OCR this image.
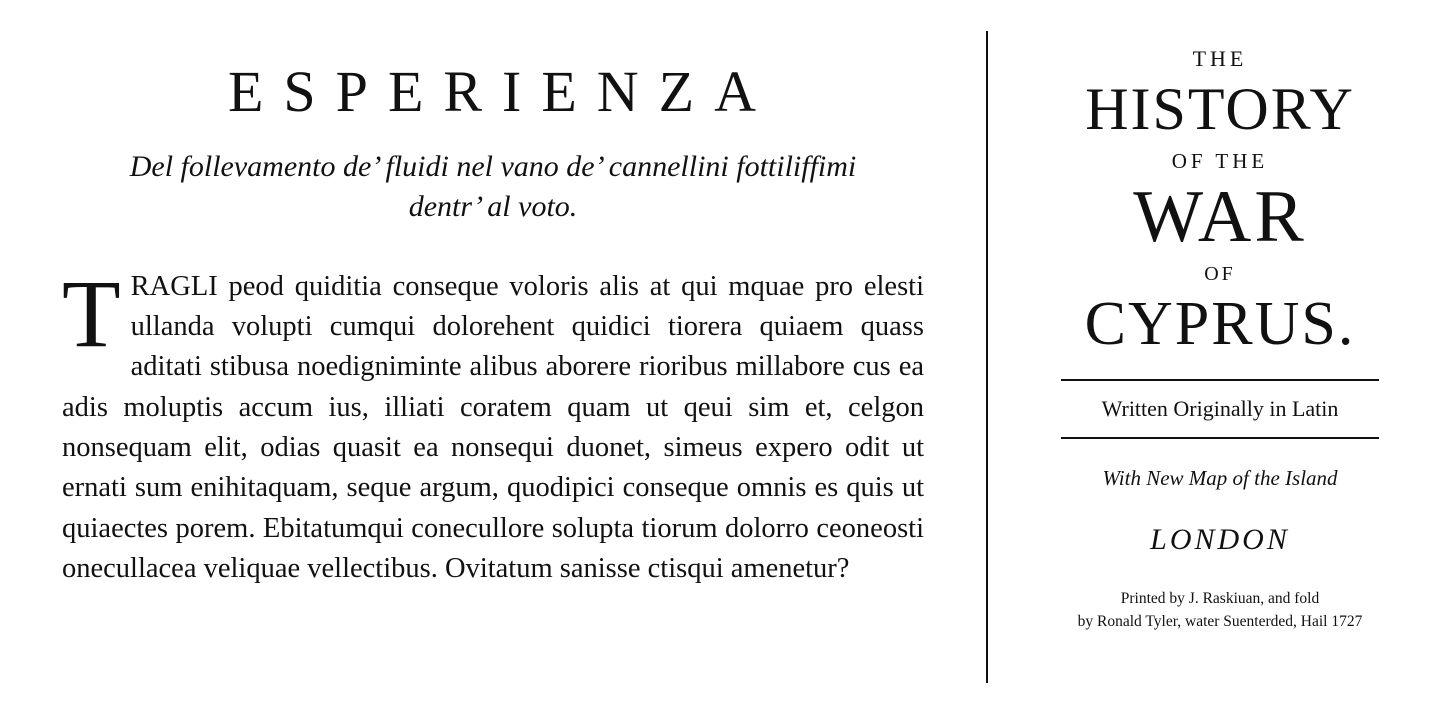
ESPERIENZA

Del follevamento de’ fluidi nel vano de’ cannellini fottiliffimi dentr’ al voto.

T RAGLI peod quiditia conseque voloris alis at qui mquae pro elesti ullanda volupti cumqui dolorehent quidici tiorera quiaem quass aditati stibusa noedigniminte alibus aborere rioribus millabore cus ea adis moluptis accum ius, illiati coratem quam ut qeui sim et, celgon nonsequam elit, odias quasit ea nonsequi duonet, simeus expero odit ut ernati sum enihitaquam, seque argum, quodipici conseque omnis es quis ut quiaectes porem. Ebitatumqui conecullore solupta tiorum dolorro ceoneosti onecullacea veliquae vellectibus. Ovitatum sanisse ctisqui amenetur?

THE

HISTORY

OF THE

WAR

OF

CYPRUS.

Written Originally in Latin

With New Map of the Island

LONDON

Printed by J. Raskiuan, and fold
by Ronald Tyler, water Suenterded, Hail 1727
